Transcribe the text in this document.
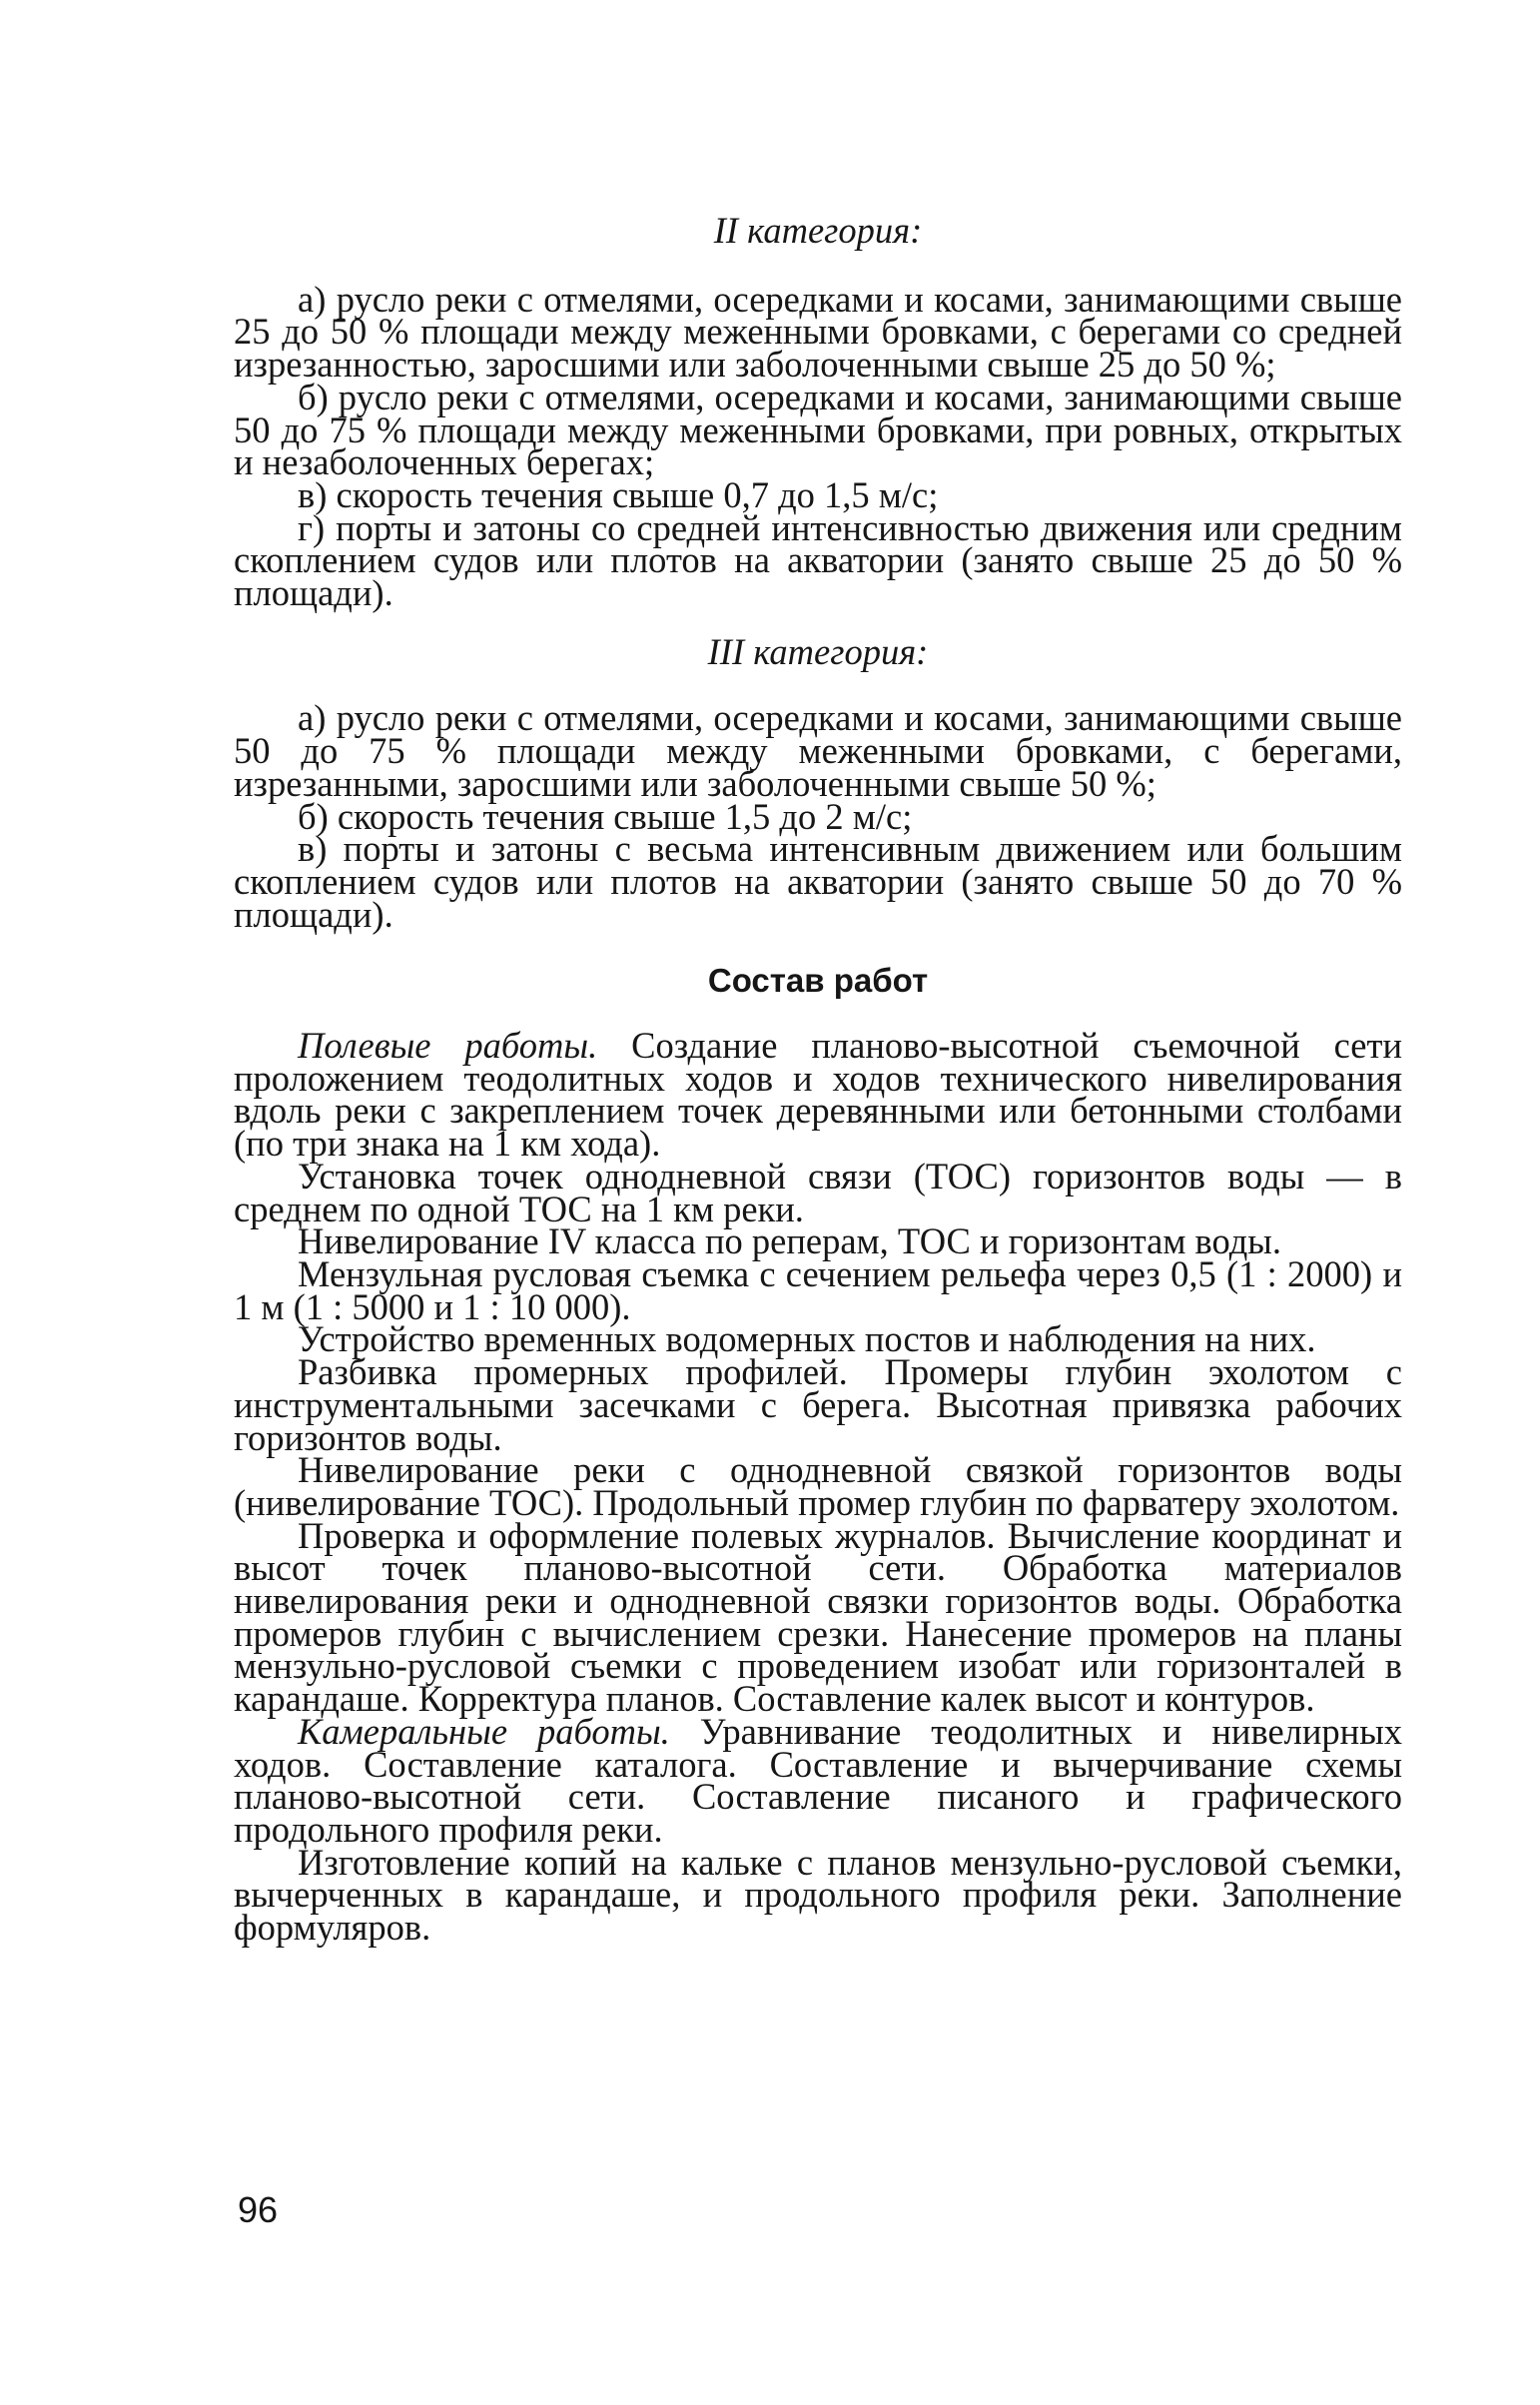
II категория:

а) русло реки с отмелями, осередками и косами, занимающими свыше 25 до 50 % площади между меженными бровками, с берегами со средней изрезанностью, заросшими или заболоченными свыше 25 до 50 %;

б) русло реки с отмелями, осередками и косами, занимающими свыше 50 до 75 % площади между меженными бровками, при ровных, открытых и незаболоченных берегах;

в) скорость течения свыше 0,7 до 1,5 м/с;

г) порты и затоны со средней интенсивностью движения или средним скоплением судов или плотов на акватории (занято свыше 25 до 50 % площади).

III категория:

а) русло реки с отмелями, осередками и косами, занимающими свыше 50 до 75 % площади между меженными бровками, с берегами, изрезанными, заросшими или заболоченными свыше 50 %;

б) скорость течения свыше 1,5 до 2 м/с;

в) порты и затоны с весьма интенсивным движением или большим скоплением судов или плотов на акватории (занято свыше 50 до 70 % площади).

Состав работ

Полевые работы. Создание планово-высотной съемочной сети проложением теодолитных ходов и ходов технического нивелирования вдоль реки с закреплением точек деревянными или бетонными столбами (по три знака на 1 км хода).

Установка точек однодневной связи (ТОС) горизонтов воды — в среднем по одной ТОС на 1 км реки.

Нивелирование IV класса по реперам, ТОС и горизонтам воды.

Мензульная русловая съемка с сечением рельефа через 0,5 (1 : 2000) и 1 м (1 : 5000 и 1 : 10 000).

Устройство временных водомерных постов и наблюдения на них.

Разбивка промерных профилей. Промеры глубин эхолотом с инструментальными засечками с берега. Высотная привязка рабочих горизонтов воды.

Нивелирование реки с однодневной связкой горизонтов воды (нивелирование ТОС). Продольный промер глубин по фарватеру эхолотом.

Проверка и оформление полевых журналов. Вычисление координат и высот точек планово-высотной сети. Обработка материалов нивелирования реки и однодневной связки горизонтов воды. Обработка промеров глубин с вычислением срезки. Нанесение промеров на планы мензульно-русловой съемки с проведением изобат или горизонталей в карандаше. Корректура планов. Составление калек высот и контуров.

Камеральные работы. Уравнивание теодолитных и нивелирных ходов. Составление каталога. Составление и вычерчивание схемы планово-высотной сети. Составление писаного и графического продольного профиля реки.

Изготовление копий на кальке с планов мензульно-русловой съемки, вычерченных в карандаше, и продольного профиля реки. Заполнение формуляров.

96
